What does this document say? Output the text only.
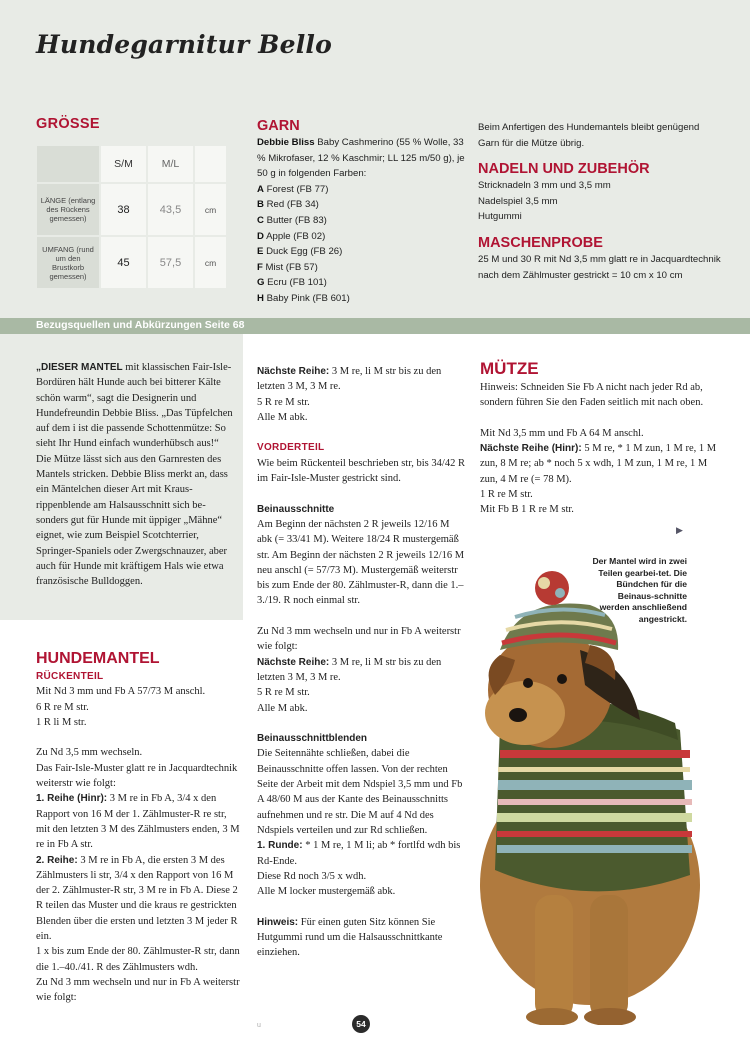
Hundegarnitur Bello
GRÖSSE
	S/M	M/L	
LÄNGE (entlang des Rückens gemessen)	38	43,5	cm
UMFANG (rund um den Brustkorb gemessen)	45	57,5	cm
GARN
Debbie Bliss Baby Cashmerino (55 % Wolle, 33 % Mikrofaser, 12 % Kaschmir; LL 125 m/50 g), je 50 g in folgenden Farben:
A Forest (FB 77)
B Red (FB 34)
C Butter (FB 83)
D Apple (FB 02)
E Duck Egg (FB 26)
F Mist (FB 57)
G Ecru (FB 101)
H Baby Pink (FB 601)
Beim Anfertigen des Hundemantels bleibt genügend Garn für die Mütze übrig.
NADELN UND ZUBEHÖR
Stricknadeln 3 mm und 3,5 mm
Nadelspiel 3,5 mm
Hutgummi
MASCHENPROBE
25 M und 30 R mit Nd 3,5 mm glatt re in Jacquardtechnik nach dem Zählmuster gestrickt = 10 cm x 10 cm
Bezugsquellen und Abkürzungen Seite 68
„DIESER MANTEL mit klassischen Fair-Isle-Bordüren hält Hunde auch bei bitterer Kälte schön warm“, sagt die Designerin und Hundefreundin Debbie Bliss. „Das Tüpfelchen auf dem i ist die passende Schottenmütze: So sieht Ihr Hund einfach wunderhübsch aus!“ Die Mütze lässt sich aus den Garnresten des Mantels stricken. Debbie Bliss merkt an, dass ein Mäntelchen dieser Art mit Kraus-rippenblende am Halsausschnitt sich be-sonders gut für Hunde mit üppiger „Mähne“ eignet, wie zum Beispiel Scotchterrier, Springer-Spaniels oder Zwergschnauzer, aber auch für Hunde mit kräftigem Hals wie etwa französische Bulldoggen.
HUNDEMANTEL
RÜCKENTEIL
Mit Nd 3 mm und Fb A 57/73 M anschl.
6 R re M str.
1 R li M str.
Zu Nd 3,5 mm wechseln.
Das Fair-Isle-Muster glatt re in Jacquardtechnik weiterstr wie folgt:
1. Reihe (Hinr): 3 M re in Fb A, 3/4 x den Rapport von 16 M der 1. Zählmuster-R re str, mit den letzten 3 M des Zählmusters enden, 3 M re in Fb A str.
2. Reihe: 3 M re in Fb A, die ersten 3 M des Zählmusters li str, 3/4 x den Rapport von 16 M der 2. Zählmuster-R str, 3 M re in Fb A. Diese 2 R teilen das Muster und die kraus re gestrickten Blenden über die ersten und letzten 3 M jeder R ein.
1 x bis zum Ende der 80. Zählmuster-R str, dann die 1.–40./41. R des Zählmusters wdh.
Zu Nd 3 mm wechseln und nur in Fb A weiterstr wie folgt:
Nächste Reihe: 3 M re, li M str bis zu den letzten 3 M, 3 M re.
5 R re M str.
Alle M abk.
VORDERTEIL
Wie beim Rückenteil beschrieben str, bis 34/42 R im Fair-Isle-Muster gestrickt sind.
Beinausschnitte
Am Beginn der nächsten 2 R jeweils 12/16 M abk (= 33/41 M). Weitere 18/24 R mustergemäß str. Am Beginn der nächsten 2 R jeweils 12/16 M neu anschl (= 57/73 M). Mustergemäß weiterstr bis zum Ende der 80. Zählmuster-R, dann die 1.–3./19. R noch einmal str.
Zu Nd 3 mm wechseln und nur in Fb A weiterstr wie folgt:
Nächste Reihe: 3 M re, li M str bis zu den letzten 3 M, 3 M re.
5 R re M str.
Alle M abk.
Beinausschnittblenden
Die Seitennähte schließen, dabei die Beinausschnitte offen lassen. Von der rechten Seite der Arbeit mit dem Ndspiel 3,5 mm und Fb A 48/60 M aus der Kante des Beinausschnitts aufnehmen und re str. Die M auf 4 Nd des Ndspiels verteilen und zur Rd schließen.
1. Runde: * 1 M re, 1 M li; ab * fortlfd wdh bis Rd-Ende.
Diese Rd noch 3/5 x wdh.
Alle M locker mustergemäß abk.
Hinweis: Für einen guten Sitz können Sie Hutgummi rund um die Halsausschnittkante einziehen.
MÜTZE
Hinweis: Schneiden Sie Fb A nicht nach jeder Rd ab, sondern führen Sie den Faden seitlich mit nach oben.
Mit Nd 3,5 mm und Fb A 64 M anschl.
Nächste Reihe (Hinr): 5 M re, * 1 M zun, 1 M re, 1 M zun, 8 M re; ab * noch 5 x wdh, 1 M zun, 1 M re, 1 M zun, 4 M re (= 78 M).
1 R re M str.
Mit Fb B 1 R re M str.
▶
Der Mantel wird in zwei Teilen gearbei-tet. Die Bündchen für die Beinaus-schnitte werden anschließend angestrickt.
u	54
